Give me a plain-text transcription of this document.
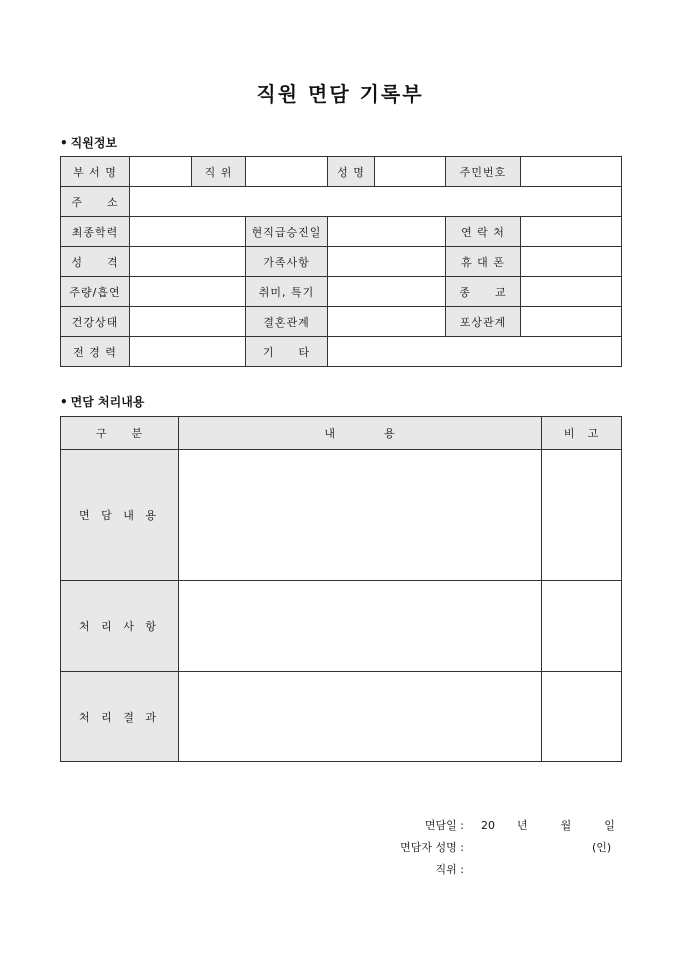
직원 면담 기록부
• 직원정보
부 서 명		직 위		성 명		주민번호	
주　　소							
최종학력			현직급승진일			연 락 처	
성　　격			가족사항			휴 대 폰	
주량/흡연			취미, 특기			종　　교	
건강상태			결혼관계			포상관계	
전 경 력			기　　타				
• 면담 처리내용
구　　분	내　　　　용	비　고
면 담 내 용		
처 리 사 항		
처 리 결 과		
면담일 : 20　　년　　　월　　　일
면담자 성명 :	(인)
직위 :
